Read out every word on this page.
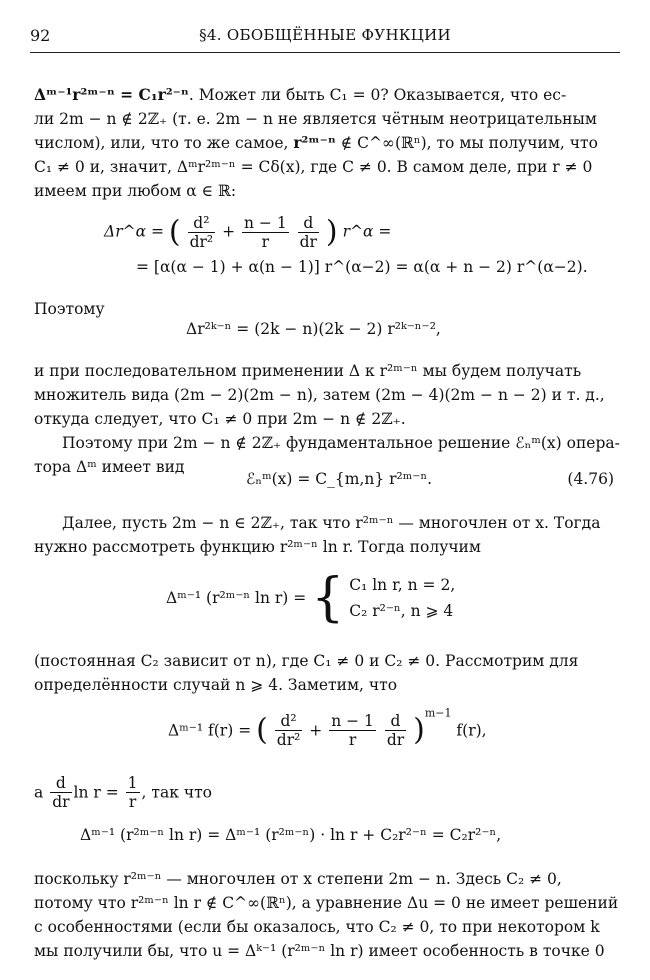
92	§4. ОБОБЩЁННЫЕ ФУНКЦИИ
Δᵐ⁻¹r²ᵐ⁻ⁿ = C₁r²⁻ⁿ. Может ли быть C₁ = 0? Оказывается, что ес-
ли 2m − n ∉ 2ℤ₊ (т. е. 2m − n не является чётным неотрицательным
числом), или, что то же самое, r²ᵐ⁻ⁿ ∉ C^∞(ℝⁿ), то мы получим, что
C₁ ≠ 0 и, значит, Δᵐr²ᵐ⁻ⁿ = Cδ(x), где C ≠ 0. В самом деле, при r ≠ 0
имеем при любом α ∈ ℝ:
Δr^α = ( $\frac{\text{d²}}{\text{dr²}} + \frac{n - 1}{r}$
$\frac{d}{dr}$ ) r^α =
= [α(α − 1) + α(n − 1)] r^(α−2) = α(α + n − 2) r^(α−2).
Поэтому
Δr²ᵏ⁻ⁿ = (2k − n)(2k − 2) r²ᵏ⁻ⁿ⁻²,
и при последовательном применении Δ к r²ᵐ⁻ⁿ мы будем получать
множитель вида (2m − 2)(2m − n), затем (2m − 4)(2m − n − 2) и т. д.,
откуда следует, что C₁ ≠ 0 при 2m − n ∉ 2ℤ₊.
Поэтому при 2m − n ∉ 2ℤ₊ фундаментальное решение ℰₙᵐ(x) опера-
тора Δᵐ имеет вид
ℰₙᵐ(x) = C_{m,n} r²ᵐ⁻ⁿ.	(4.76)
Далее, пусть 2m − n ∈ 2ℤ₊, так что r²ᵐ⁻ⁿ — многочлен от x. Тогда
нужно рассмотреть функцию r²ᵐ⁻ⁿ ln r. Тогда получим
Δᵐ⁻¹ (r²ᵐ⁻ⁿ ln r) = { C₁ ln r, n = 2,
C₂ r²⁻ⁿ, n ⩾ 4
(постоянная C₂ зависит от n), где C₁ ≠ 0 и C₂ ≠ 0. Рассмотрим для
определённости случай n ⩾ 4. Заметим, что
Δᵐ⁻¹ f(r) = ( $\frac{\text{d²}}{\text{dr²}} + \frac{n - 1}{r}$
$\frac{d}{dr} )^{m-1}$ f(r),
а $\frac{d}{dr}$ $\ln r = \frac{1}{r}$ , так что
Δᵐ⁻¹ (r²ᵐ⁻ⁿ ln r) = Δᵐ⁻¹ (r²ᵐ⁻ⁿ) · ln r + C₂r²⁻ⁿ = C₂r²⁻ⁿ,
поскольку r²ᵐ⁻ⁿ — многочлен от x степени 2m − n. Здесь C₂ ≠ 0,
потому что r²ᵐ⁻ⁿ ln r ∉ C^∞(ℝⁿ), а уравнение Δu = 0 не имеет решений
с особенностями (если бы оказалось, что C₂ ≠ 0, то при некотором k
мы получили бы, что u = Δᵏ⁻¹ (r²ᵐ⁻ⁿ ln r) имеет особенность в точке 0
